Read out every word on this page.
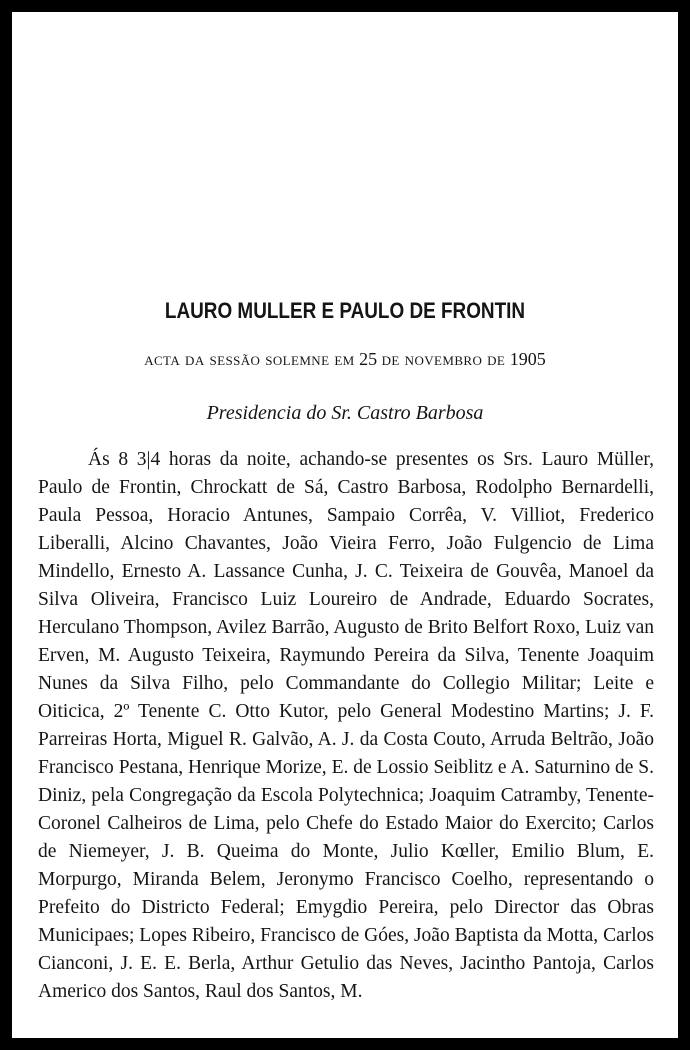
LAURO MULLER E PAULO DE FRONTIN

acta da sessão solemne em 25 de novembro de 1905

Presidencia do Sr. Castro Barbosa

Ás 8 3|4 horas da noite, achando-se presentes os Srs. Lauro Müller, Paulo de Frontin, Chrockatt de Sá, Castro Barbosa, Rodolpho Bernardelli, Paula Pessoa, Horacio Antunes, Sampaio Corrêa, V. Villiot, Frederico Liberalli, Alcino Chavantes, João Vieira Ferro, João Fulgencio de Lima Mindello, Ernesto A. Lassance Cunha, J. C. Teixeira de Gouvêa, Manoel da Silva Oliveira, Francisco Luiz Loureiro de Andrade, Eduardo Socrates, Herculano Thompson, Avilez Barrão, Augusto de Brito Belfort Roxo, Luiz van Erven, M. Augusto Teixeira, Raymundo Pereira da Silva, Tenente Joaquim Nunes da Silva Filho, pelo Commandante do Collegio Militar; Leite e Oiticica, 2º Tenente C. Otto Kutor, pelo General Modestino Martins; J. F. Parreiras Horta, Miguel R. Galvão, A. J. da Costa Couto, Arruda Beltrão, João Francisco Pestana, Henrique Morize, E. de Lossio Seiblitz e A. Saturnino de S. Diniz, pela Congregação da Escola Polytechnica; Joaquim Catramby, Tenente-Coronel Calheiros de Lima, pelo Chefe do Estado Maior do Exercito; Carlos de Niemeyer, J. B. Queima do Monte, Julio Kœller, Emilio Blum, E. Morpurgo, Miranda Belem, Jeronymo Francisco Coelho, representando o Prefeito do Districto Federal; Emygdio Pereira, pelo Director das Obras Municipaes; Lopes Ribeiro, Francisco de Góes, João Baptista da Motta, Carlos Cianconi, J. E. E. Berla, Arthur Getulio das Neves, Jacintho Pantoja, Carlos Americo dos Santos, Raul dos Santos, M.
